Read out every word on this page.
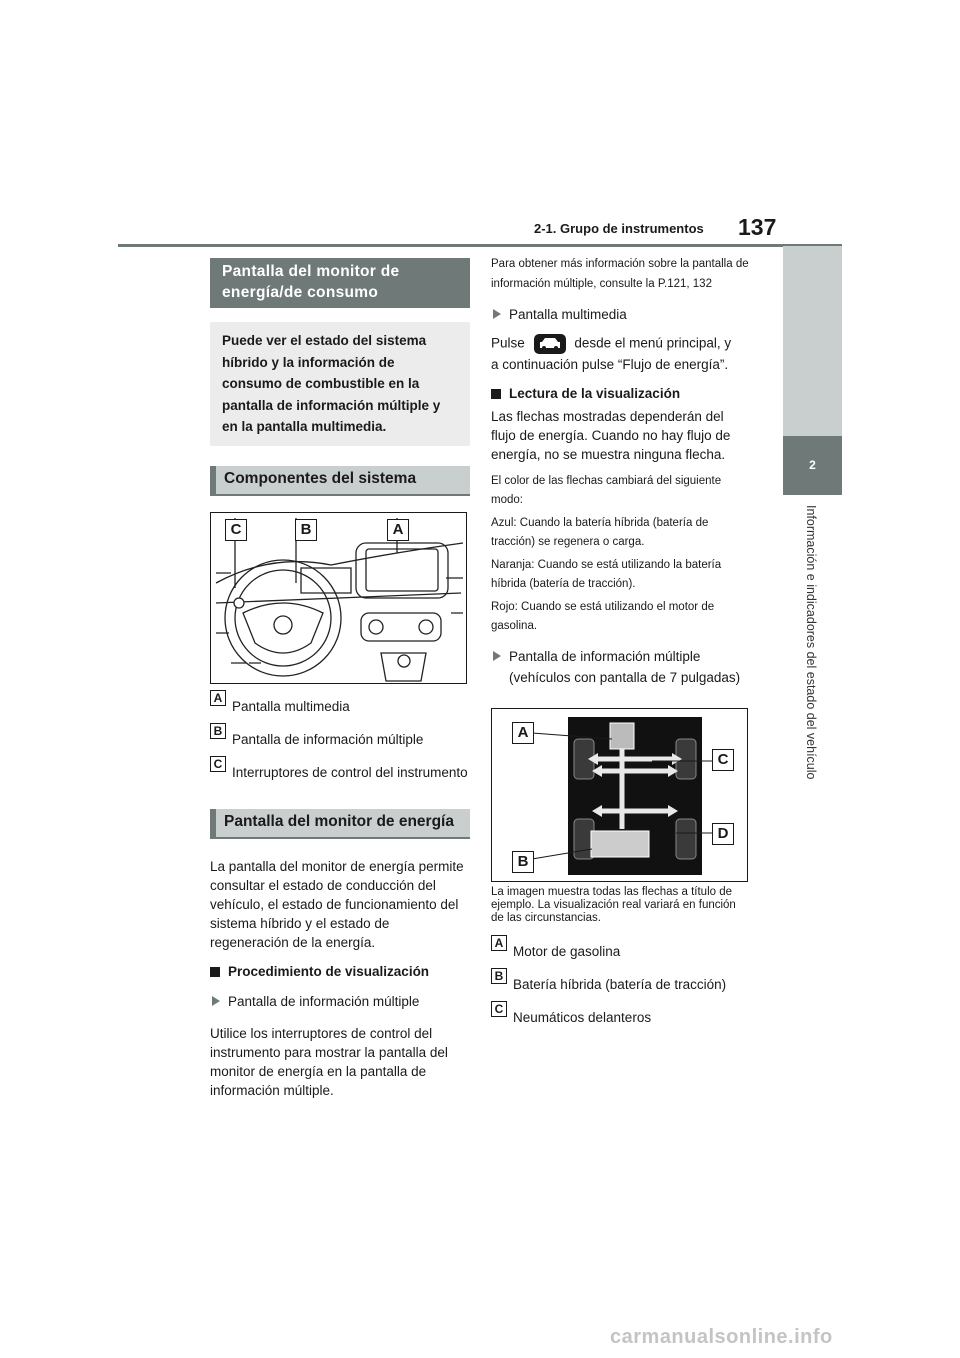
2-1. Grupo de instrumentos 137
2
Información e indicadores del estado del vehículo
Pantalla del monitor de
energía/de consumo
Puede ver el estado del sistema híbrido y la información de consumo de combustible en la pantalla de información múltiple y en la pantalla multimedia.
Componentes del sistema
C	B	A
A
Pantalla multimedia
B
Pantalla de información múltiple
C
Interruptores de control del instrumento
Pantalla del monitor de energía
La pantalla del monitor de energía permite consultar el estado de conducción del vehículo, el estado de funcionamiento del sistema híbrido y el estado de regeneración de la energía.
Procedimiento de visualización
Pantalla de información múltiple
Utilice los interruptores de control del instrumento para mostrar la pantalla del monitor de energía en la pantalla de información múltiple.
Para obtener más información sobre la pantalla de información múltiple, consulte la P.121, 132
Pantalla multimedia
Pulse	desde el menú principal, y
a continuación pulse “Flujo de energía”.
Lectura de la visualización
Las flechas mostradas dependerán del flujo de energía. Cuando no hay flujo de energía, no se muestra ninguna flecha.
El color de las flechas cambiará del siguiente modo:
Azul: Cuando la batería híbrida (batería de tracción) se regenera o carga.
Naranja: Cuando se está utilizando la batería híbrida (batería de tracción).
Rojo: Cuando se está utilizando el motor de gasolina.
Pantalla de información múltiple (vehículos con pantalla de 7 pulgadas)
A
C
D
B
La imagen muestra todas las flechas a título de ejemplo. La visualización real variará en función de las circunstancias.
A
Motor de gasolina
B
Batería híbrida (batería de tracción)
C
Neumáticos delanteros
carmanualsonline.info
